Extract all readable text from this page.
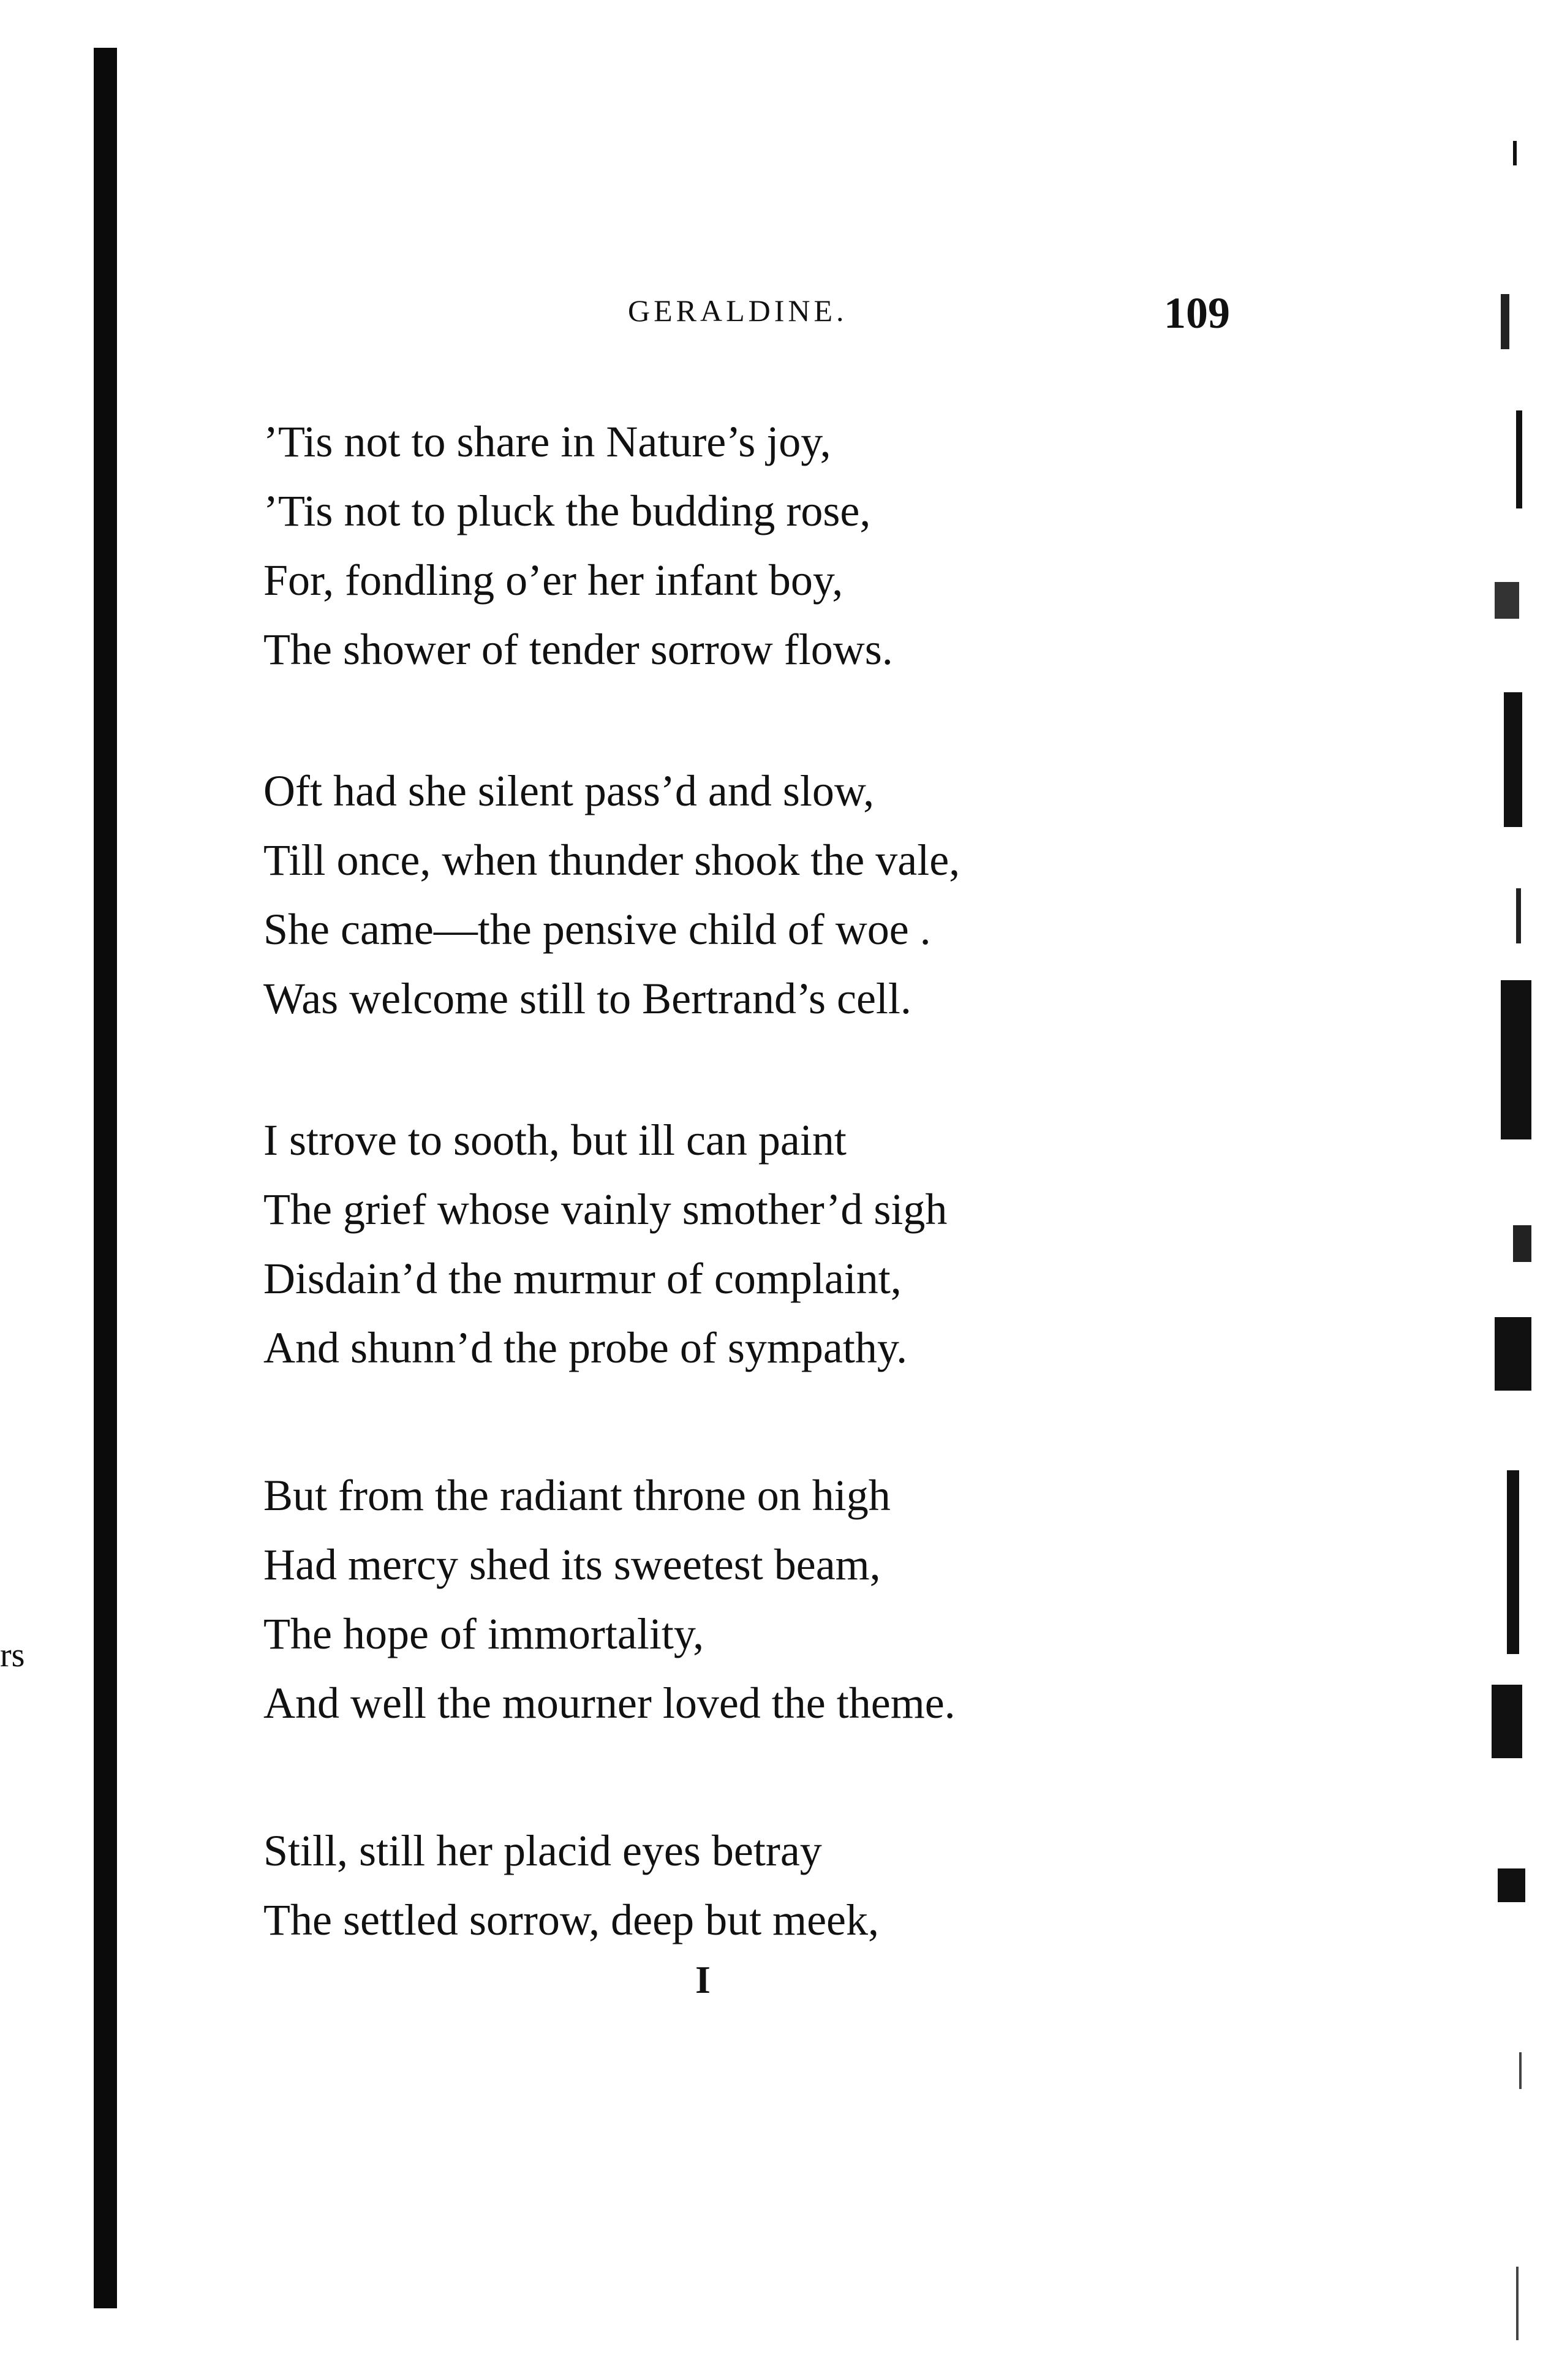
GERALDINE.	109
’Tis not to share in Nature’s joy,
’Tis not to pluck the budding rose,
For, fondling o’er her infant boy,
The shower of tender sorrow flows.
Oft had she silent pass’d and slow,
Till once, when thunder shook the vale,
She came—the pensive child of woe .
Was welcome still to Bertrand’s cell.
I strove to sooth, but ill can paint
The grief whose vainly smother’d sigh
Disdain’d the murmur of complaint,
And shunn’d the probe of sympathy.
But from the radiant throne on high
Had mercy shed its sweetest beam,
The hope of immortality,
And well the mourner loved the theme.
Still, still her placid eyes betray
The settled sorrow, deep but meek,
I
rs
